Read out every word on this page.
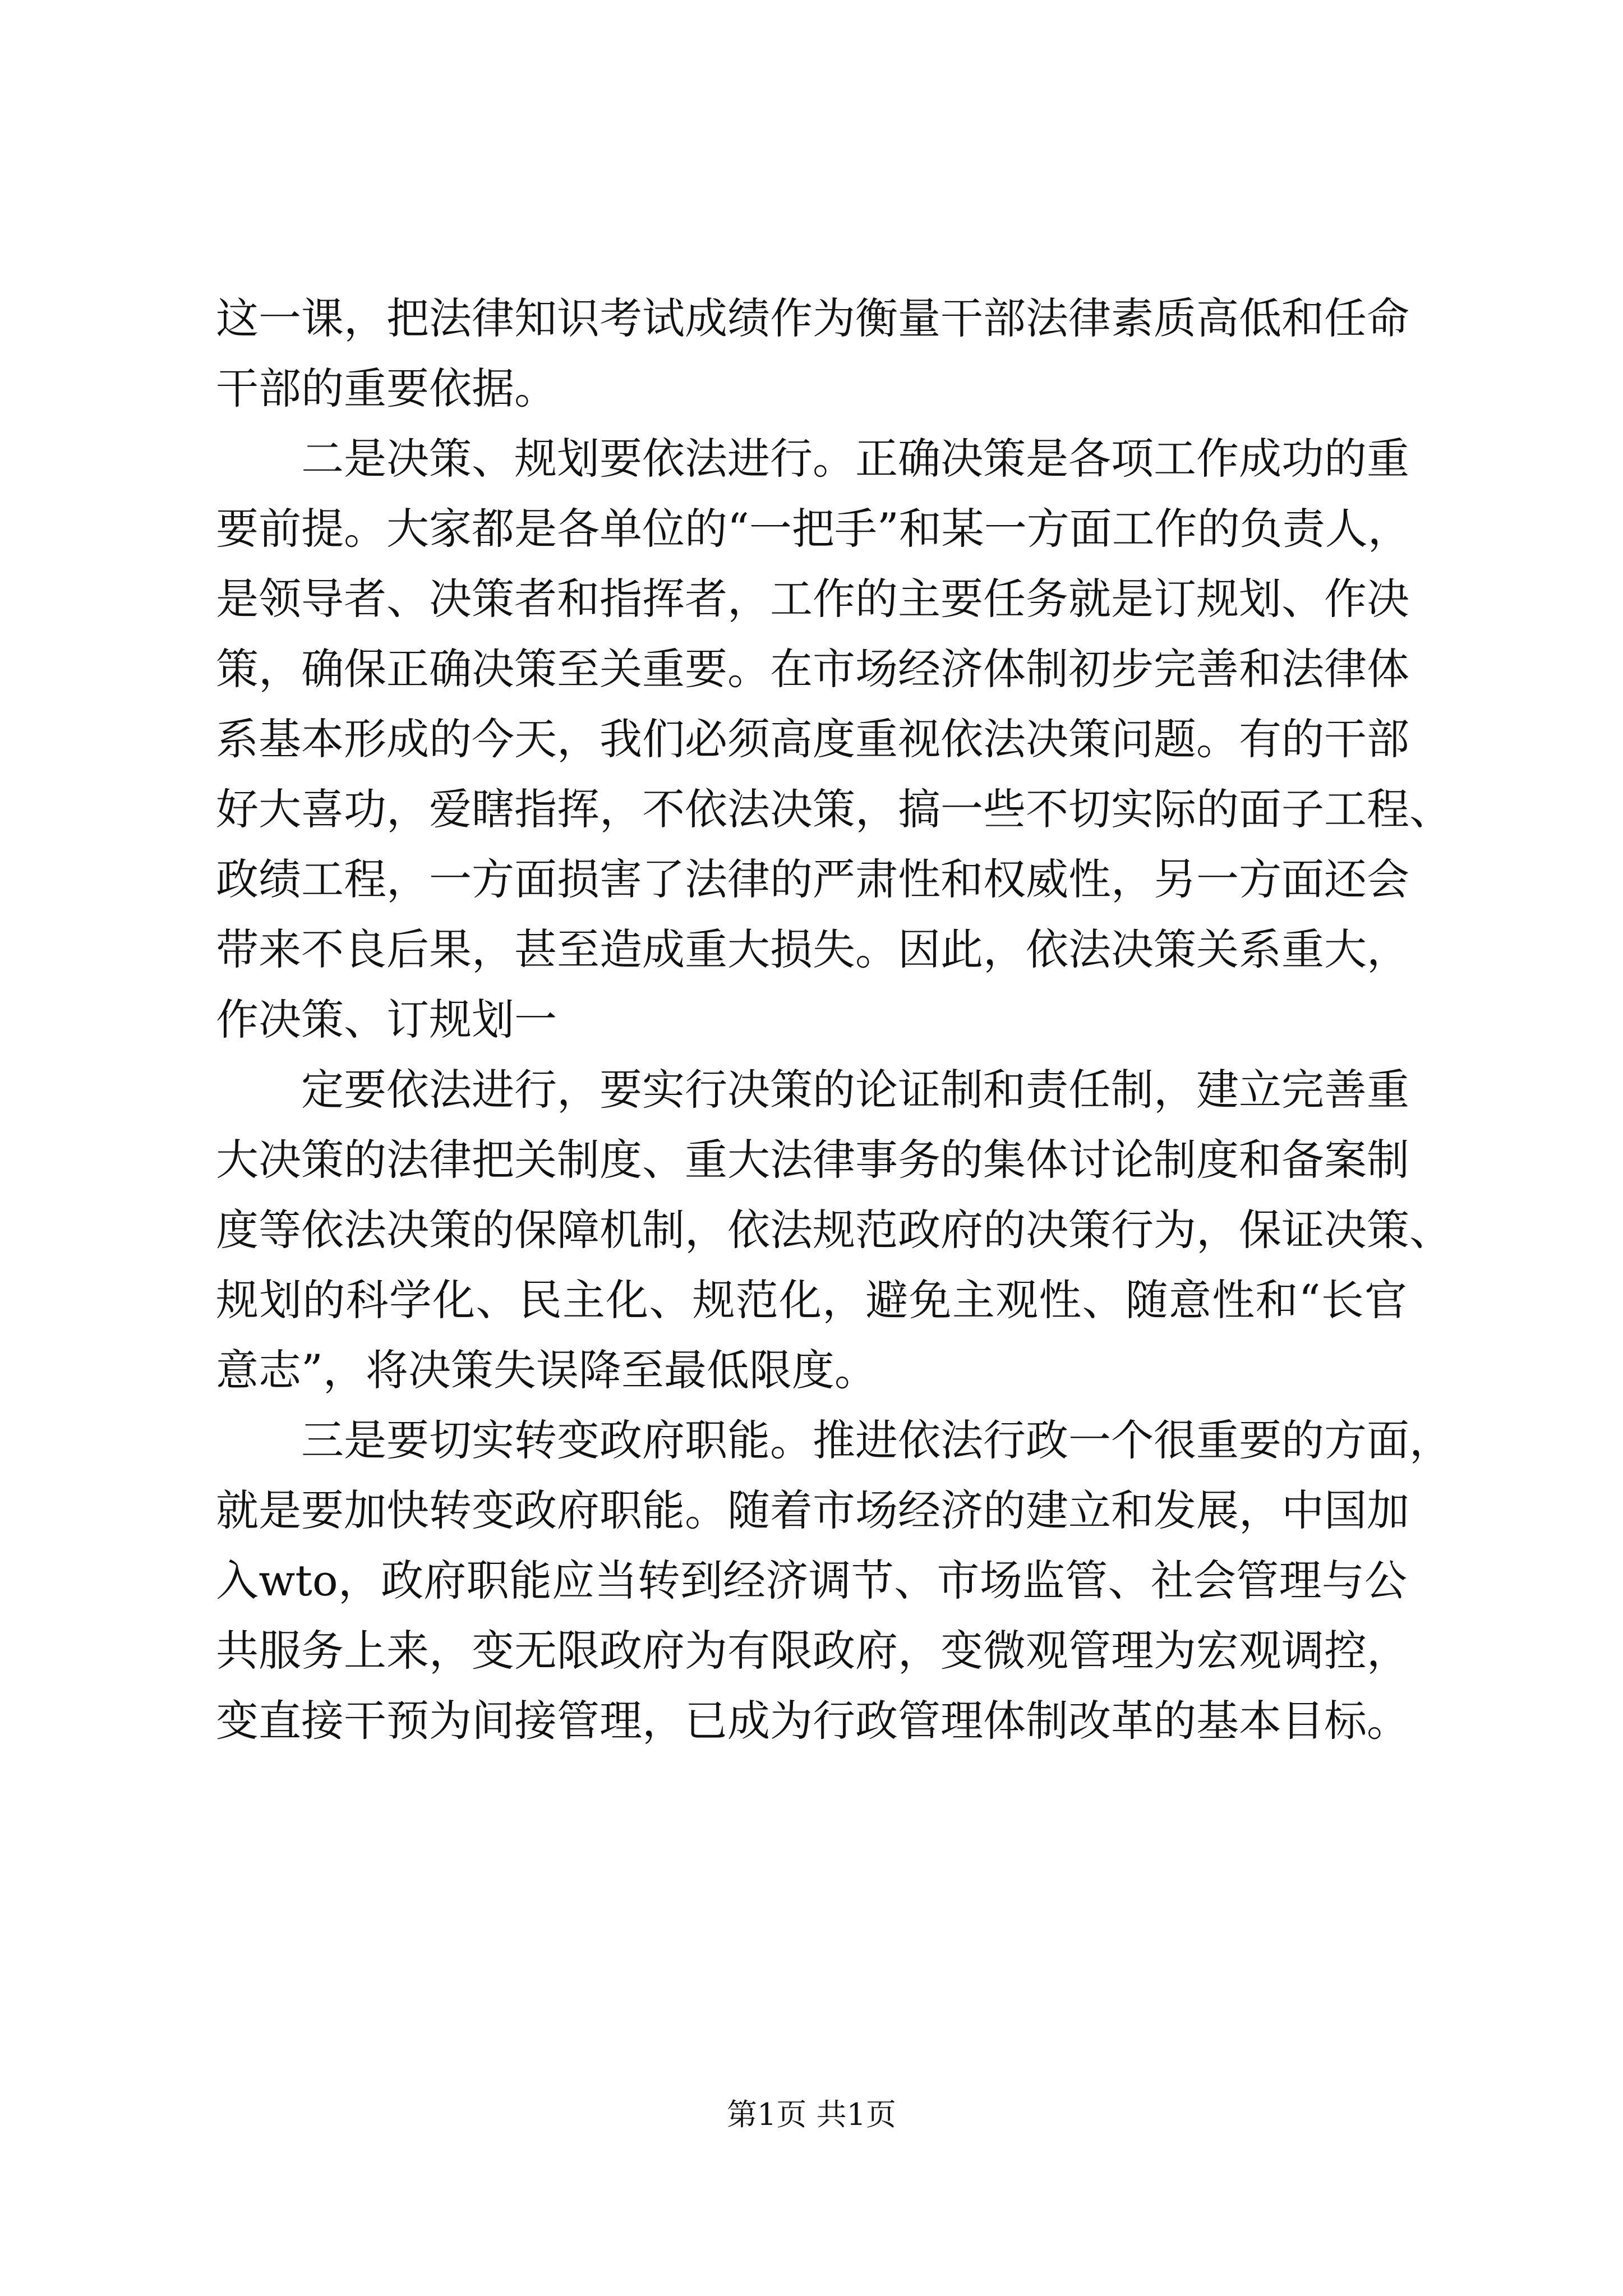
这一课，把法律知识考试成绩作为衡量干部法律素质高低和任命
干部的重要依据。
二是决策、规划要依法进行。正确决策是各项工作成功的重
要前提。大家都是各单位的“一把手”和某一方面工作的负责人，
是领导者、决策者和指挥者，工作的主要任务就是订规划、作决
策，确保正确决策至关重要。在市场经济体制初步完善和法律体
系基本形成的今天，我们必须高度重视依法决策问题。有的干部
好大喜功，爱瞎指挥，不依法决策，搞一些不切实际的面子工程、
政绩工程，一方面损害了法律的严肃性和权威性，另一方面还会
带来不良后果，甚至造成重大损失。因此，依法决策关系重大，
作决策、订规划一
定要依法进行，要实行决策的论证制和责任制，建立完善重
大决策的法律把关制度、重大法律事务的集体讨论制度和备案制
度等依法决策的保障机制，依法规范政府的决策行为，保证决策、
规划的科学化、民主化、规范化，避免主观性、随意性和“长官
意志”，将决策失误降至最低限度。
三是要切实转变政府职能。推进依法行政一个很重要的方面，
就是要加快转变政府职能。随着市场经济的建立和发展，中国加
入wto，政府职能应当转到经济调节、市场监管、社会管理与公
共服务上来，变无限政府为有限政府，变微观管理为宏观调控，
变直接干预为间接管理，已成为行政管理体制改革的基本目标。
第1页 共1页
